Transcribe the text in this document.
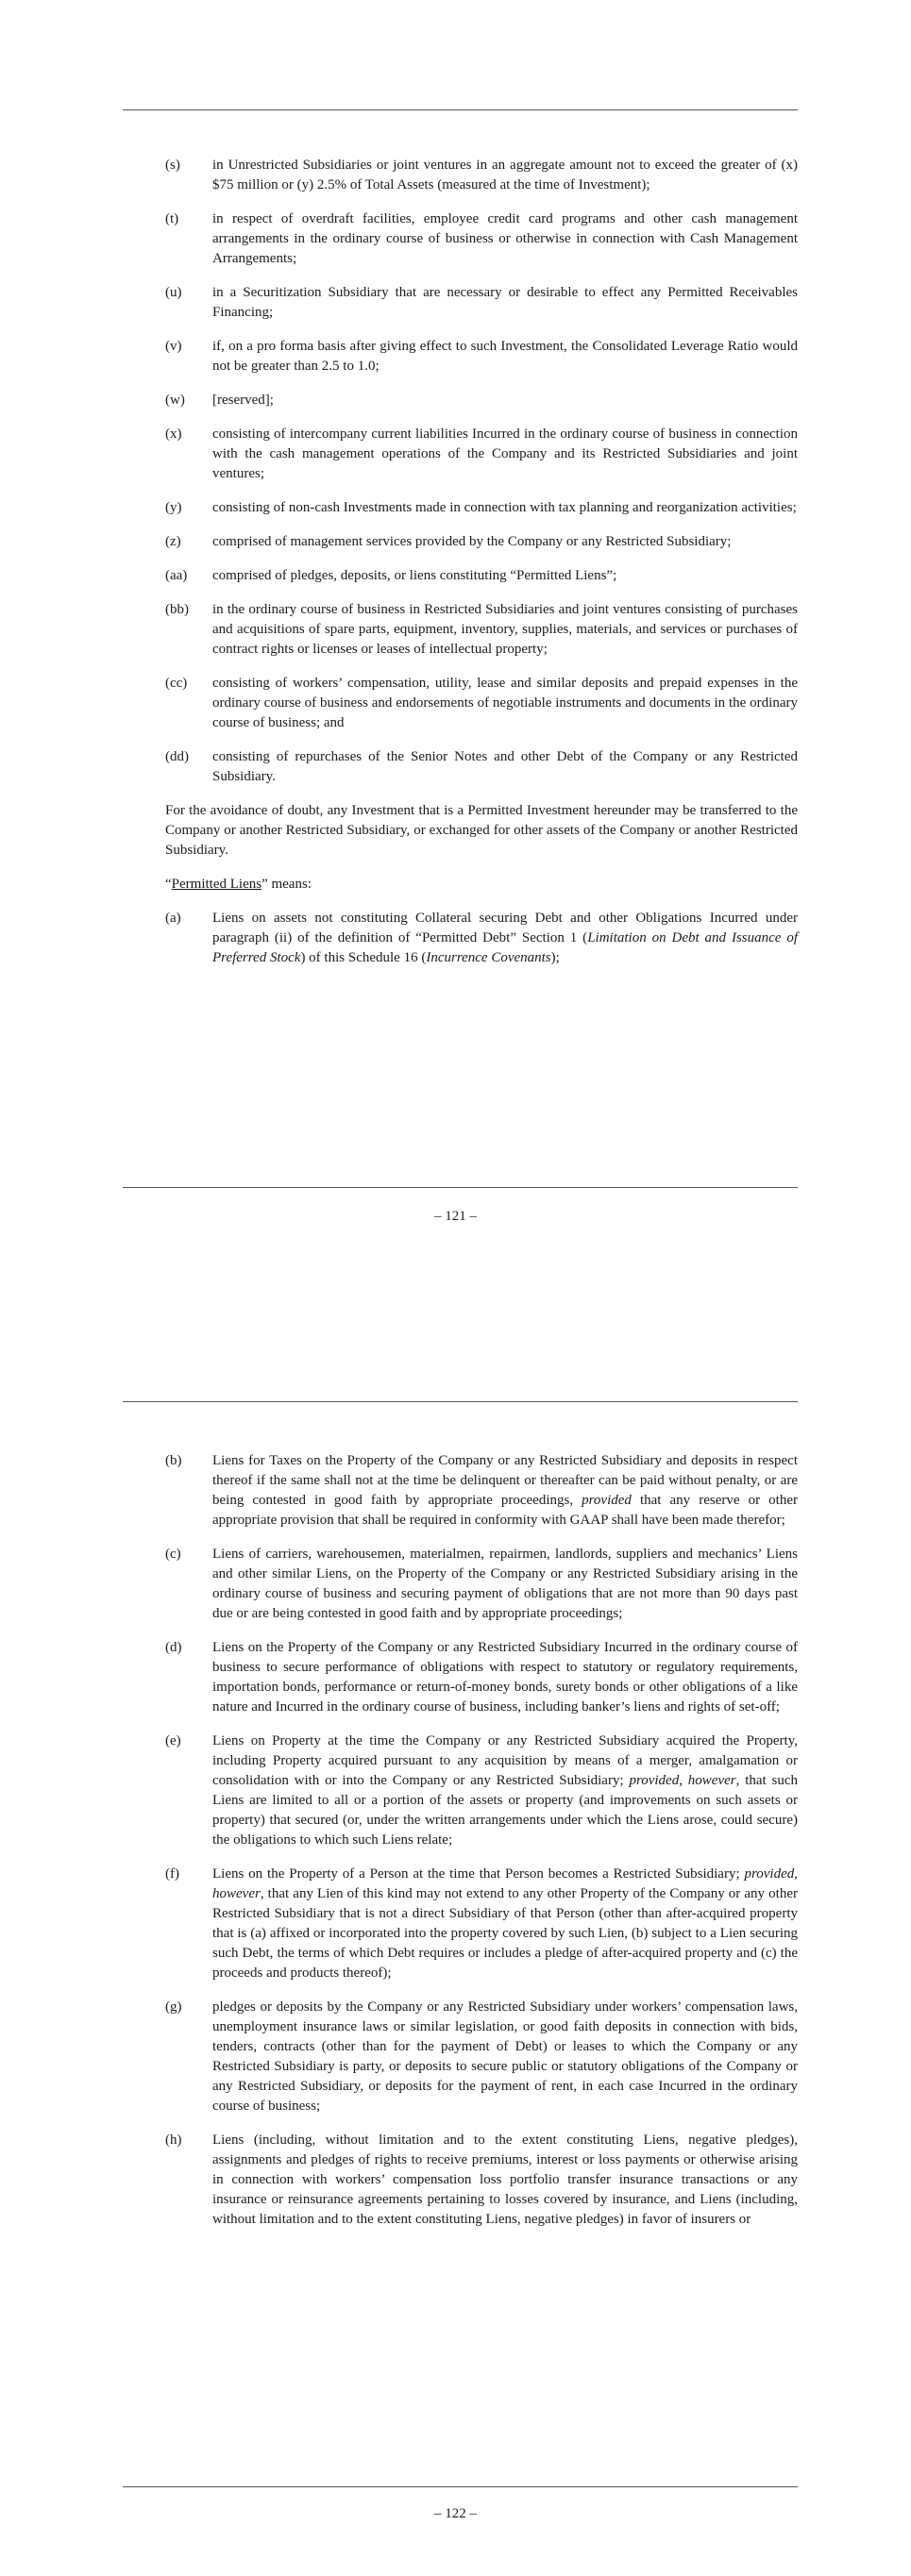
(s)	in Unrestricted Subsidiaries or joint ventures in an aggregate amount not to exceed the greater of (x) $75 million or (y) 2.5% of Total Assets (measured at the time of Investment);
(t)	in respect of overdraft facilities, employee credit card programs and other cash management arrangements in the ordinary course of business or otherwise in connection with Cash Management Arrangements;
(u)	in a Securitization Subsidiary that are necessary or desirable to effect any Permitted Receivables Financing;
(v)	if, on a pro forma basis after giving effect to such Investment, the Consolidated Leverage Ratio would not be greater than 2.5 to 1.0;
(w)	[reserved];
(x)	consisting of intercompany current liabilities Incurred in the ordinary course of business in connection with the cash management operations of the Company and its Restricted Subsidiaries and joint ventures;
(y)	consisting of non-cash Investments made in connection with tax planning and reorganization activities;
(z)	comprised of management services provided by the Company or any Restricted Subsidiary;
(aa)	comprised of pledges, deposits, or liens constituting “Permitted Liens”;
(bb)	in the ordinary course of business in Restricted Subsidiaries and joint ventures consisting of purchases and acquisitions of spare parts, equipment, inventory, supplies, materials, and services or purchases of contract rights or licenses or leases of intellectual property;
(cc)	consisting of workers’ compensation, utility, lease and similar deposits and prepaid expenses in the ordinary course of business and endorsements of negotiable instruments and documents in the ordinary course of business; and
(dd)	consisting of repurchases of the Senior Notes and other Debt of the Company or any Restricted Subsidiary.
For the avoidance of doubt, any Investment that is a Permitted Investment hereunder may be transferred to the Company or another Restricted Subsidiary, or exchanged for other assets of the Company or another Restricted Subsidiary.
“Permitted Liens” means:
(a)	Liens on assets not constituting Collateral securing Debt and other Obligations Incurred under paragraph (ii) of the definition of “Permitted Debt” Section 1 (Limitation on Debt and Issuance of Preferred Stock) of this Schedule 16 (Incurrence Covenants);
– 121 –
(b)	Liens for Taxes on the Property of the Company or any Restricted Subsidiary and deposits in respect thereof if the same shall not at the time be delinquent or thereafter can be paid without penalty, or are being contested in good faith by appropriate proceedings, provided that any reserve or other appropriate provision that shall be required in conformity with GAAP shall have been made therefor;
(c)	Liens of carriers, warehousemen, materialmen, repairmen, landlords, suppliers and mechanics’ Liens and other similar Liens, on the Property of the Company or any Restricted Subsidiary arising in the ordinary course of business and securing payment of obligations that are not more than 90 days past due or are being contested in good faith and by appropriate proceedings;
(d)	Liens on the Property of the Company or any Restricted Subsidiary Incurred in the ordinary course of business to secure performance of obligations with respect to statutory or regulatory requirements, importation bonds, performance or return-of-money bonds, surety bonds or other obligations of a like nature and Incurred in the ordinary course of business, including banker’s liens and rights of set-off;
(e)	Liens on Property at the time the Company or any Restricted Subsidiary acquired the Property, including Property acquired pursuant to any acquisition by means of a merger, amalgamation or consolidation with or into the Company or any Restricted Subsidiary; provided, however, that such Liens are limited to all or a portion of the assets or property (and improvements on such assets or property) that secured (or, under the written arrangements under which the Liens arose, could secure) the obligations to which such Liens relate;
(f)	Liens on the Property of a Person at the time that Person becomes a Restricted Subsidiary; provided, however, that any Lien of this kind may not extend to any other Property of the Company or any other Restricted Subsidiary that is not a direct Subsidiary of that Person (other than after-acquired property that is (a) affixed or incorporated into the property covered by such Lien, (b) subject to a Lien securing such Debt, the terms of which Debt requires or includes a pledge of after-acquired property and (c) the proceeds and products thereof);
(g)	pledges or deposits by the Company or any Restricted Subsidiary under workers’ compensation laws, unemployment insurance laws or similar legislation, or good faith deposits in connection with bids, tenders, contracts (other than for the payment of Debt) or leases to which the Company or any Restricted Subsidiary is party, or deposits to secure public or statutory obligations of the Company or any Restricted Subsidiary, or deposits for the payment of rent, in each case Incurred in the ordinary course of business;
(h)	Liens (including, without limitation and to the extent constituting Liens, negative pledges), assignments and pledges of rights to receive premiums, interest or loss payments or otherwise arising in connection with workers’ compensation loss portfolio transfer insurance transactions or any insurance or reinsurance agreements pertaining to losses covered by insurance, and Liens (including, without limitation and to the extent constituting Liens, negative pledges) in favor of insurers or
– 122 –
